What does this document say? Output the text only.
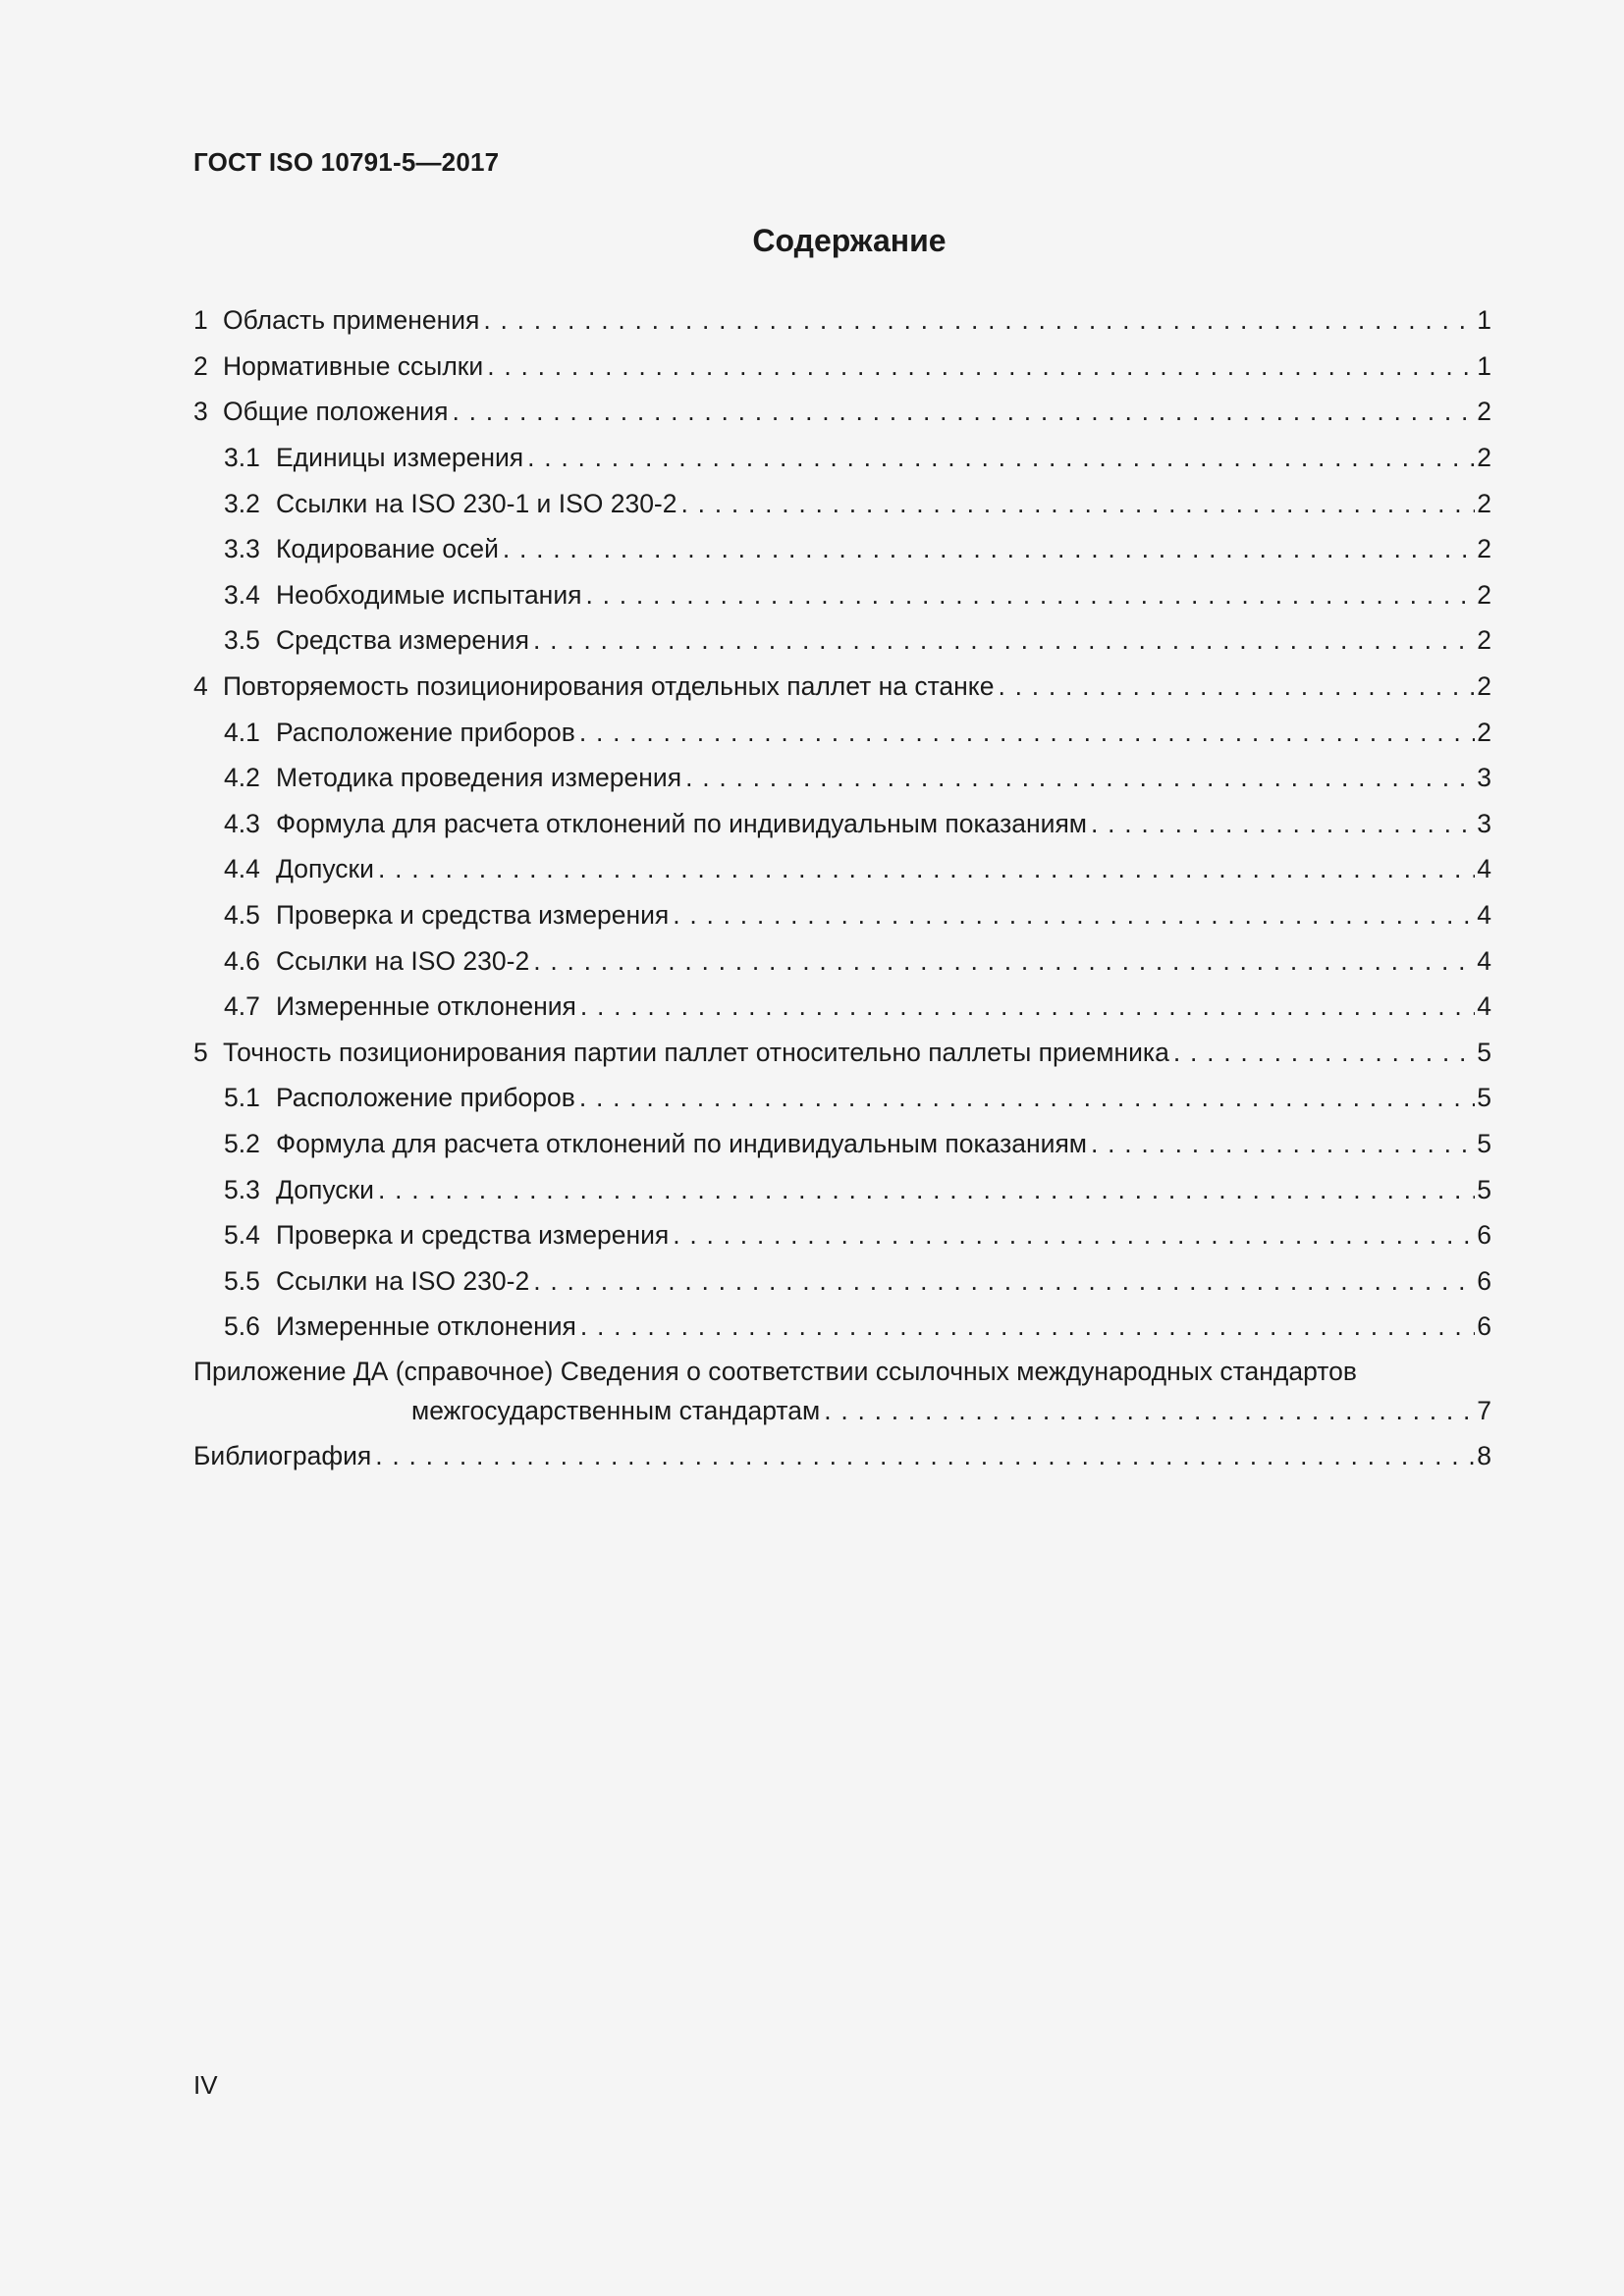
ГОСТ ISO 10791-5—2017
Содержание
1 Область применения . . .	1
2 Нормативные ссылки . . .	1
3 Общие положения . . .	2
3.1 Единицы измерения . . .	2
3.2 Ссылки на ISO 230-1 и ISO 230-2 . . .	2
3.3 Кодирование осей . . .	2
3.4 Необходимые испытания . . .	2
3.5 Средства измерения . . .	2
4 Повторяемость позиционирования отдельных паллет на станке . . .	2
4.1 Расположение приборов . . .	2
4.2 Методика проведения измерения . . .	3
4.3 Формула для расчета отклонений по индивидуальным показаниям . . .	3
4.4 Допуски . . .	4
4.5 Проверка и средства измерения . . .	4
4.6 Ссылки на ISO 230-2 . . .	4
4.7 Измеренные отклонения . . .	4
5 Точность позиционирования партии паллет относительно паллеты приемника . . .	5
5.1 Расположение приборов . . .	5
5.2 Формула для расчета отклонений по индивидуальным показаниям . . .	5
5.3 Допуски . . .	5
5.4 Проверка и средства измерения . . .	6
5.5 Ссылки на ISO 230-2 . . .	6
5.6 Измеренные отклонения . . .	6
Приложение ДА (справочное) Сведения о соответствии ссылочных международных стандартов
межгосударственным стандартам . . .	7
Библиография . . .	8
IV
